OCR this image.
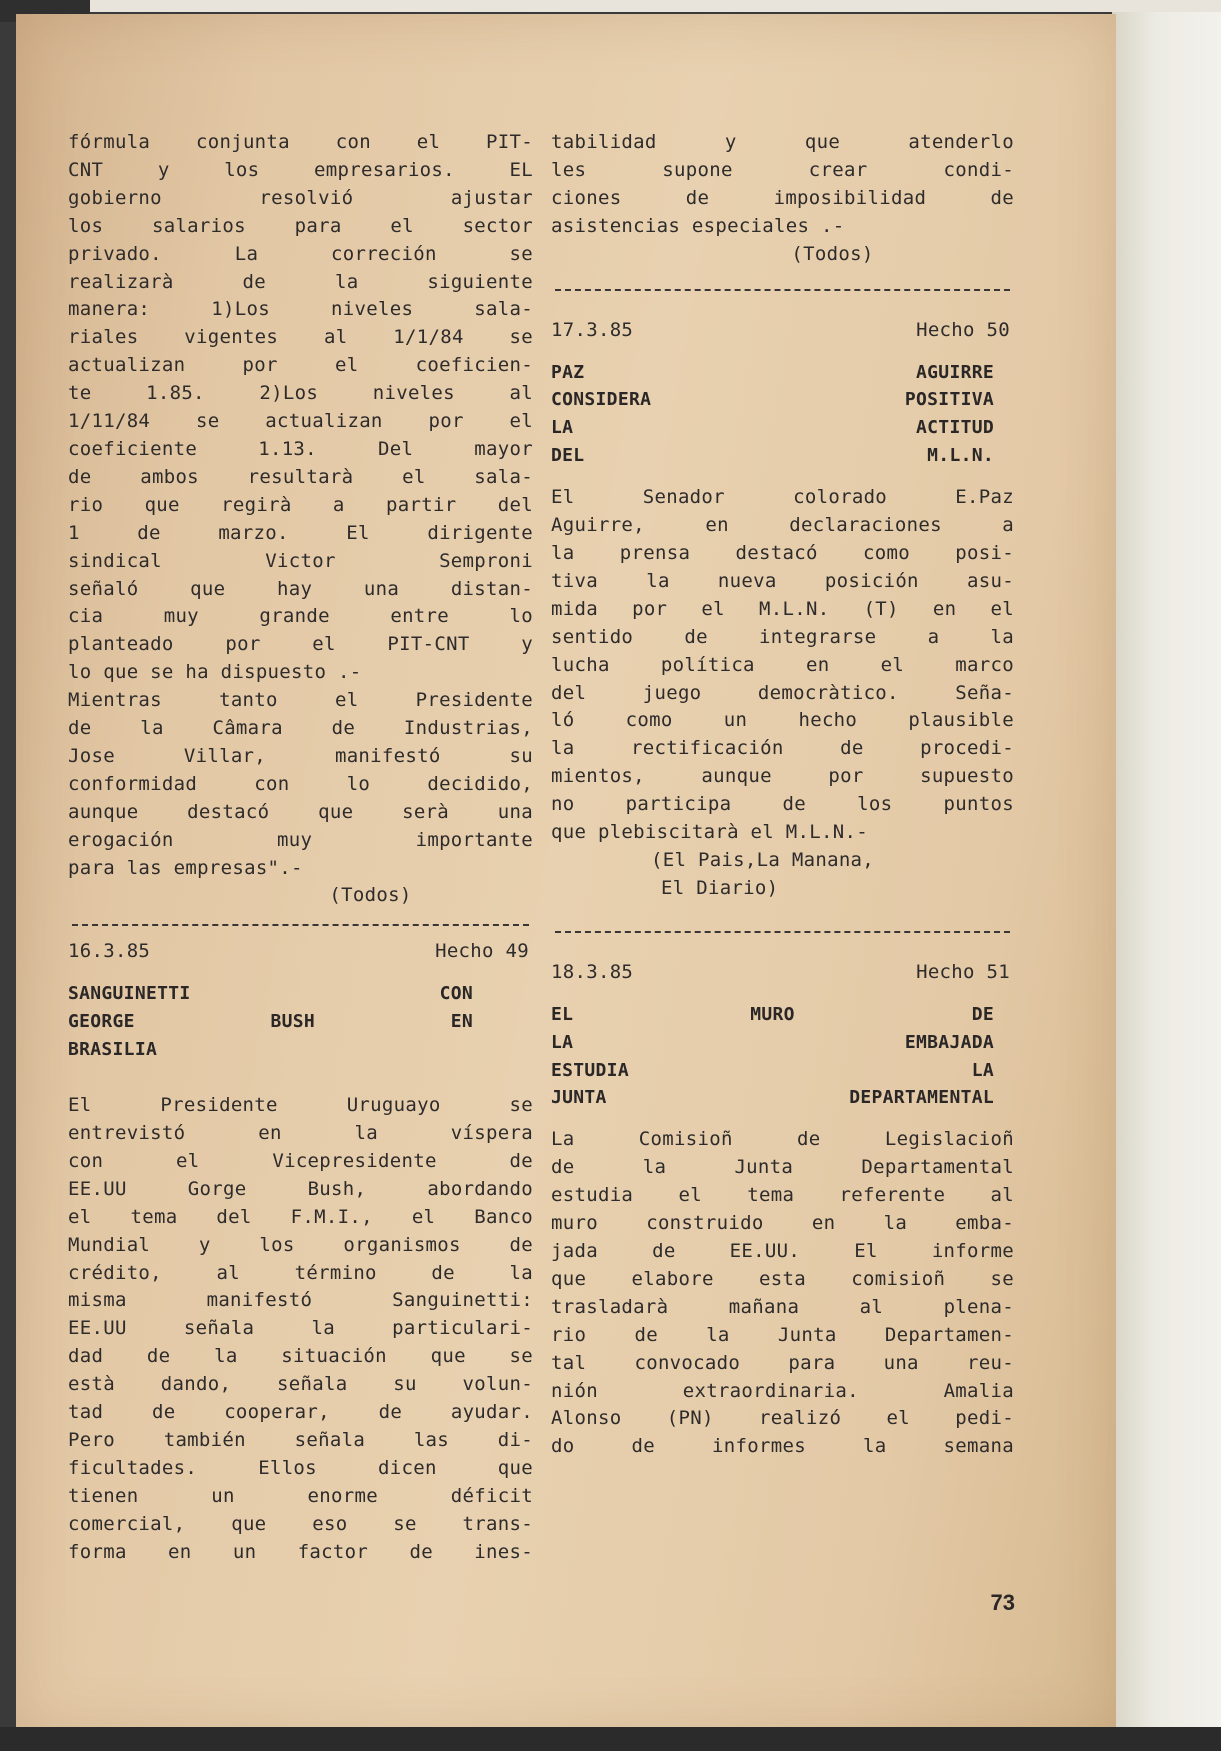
fórmula conjunta con el PIT-

CNT y los empresarios. EL

gobierno resolvió ajustar

los salarios para el sector

privado. La correción se

realizarà de la siguiente

manera: 1)Los niveles sala-

riales vigentes al 1/1/84 se

actualizan por el coeficien-

te 1.85. 2)Los niveles al

1/11/84 se actualizan por el

coeficiente 1.13. Del mayor

de ambos resultarà el sala-

rio que regirà a partir del

1 de marzo. El dirigente

sindical Victor Semproni

señaló que hay una distan-

cia muy grande entre lo

planteado por el PIT-CNT y

lo que se ha dispuesto .-

Mientras tanto el Presidente

de la Câmara de Industrias,

Jose Villar, manifestó su

conformidad con lo decidido,

aunque destacó que serà una

erogación muy importante

para las empresas".-

(Todos)

16.3.85	Hecho 49

SANGUINETTI CON

GEORGE BUSH EN

BRASILIA

El Presidente Uruguayo se

entrevistó en la víspera

con el Vicepresidente de

EE.UU Gorge Bush, abordando

el tema del F.M.I., el Banco

Mundial y los organismos de

crédito, al término de la

misma manifestó Sanguinetti:

EE.UU señala la particulari-

dad de la situación que se

està dando, señala su volun-

tad de cooperar, de ayudar.

Pero también señala las di-

ficultades. Ellos dicen que

tienen un enorme déficit

comercial, que eso se trans-

forma en un factor de ines-

tabilidad y que atenderlo

les supone crear condi-

ciones de imposibilidad de

asistencias especiales .-

(Todos)

17.3.85	Hecho 50

PAZ AGUIRRE

CONSIDERA POSITIVA

LA ACTITUD

DEL M.L.N.

El Senador colorado E.Paz

Aguirre, en declaraciones a

la prensa destacó como posi-

tiva la nueva posición asu-

mida por el M.L.N. (T) en el

sentido de integrarse a la

lucha política en el marco

del juego democràtico. Seña-

ló como un hecho plausible

la rectificación de procedi-

mientos, aunque por supuesto

no participa de los puntos

que plebiscitarà el M.L.N.-

(El Pais,La Manana,

El Diario)

18.3.85	Hecho 51

EL MURO DE

LA EMBAJADA

ESTUDIA LA

JUNTA DEPARTAMENTAL

La Comisioñ de Legislacioñ

de la Junta Departamental

estudia el tema referente al

muro construido en la emba-

jada de EE.UU. El informe

que elabore esta comisioñ se

trasladarà mañana al plena-

rio de la Junta Departamen-

tal convocado para una reu-

nión extraordinaria. Amalia

Alonso (PN) realizó el pedi-

do de informes la semana

73
